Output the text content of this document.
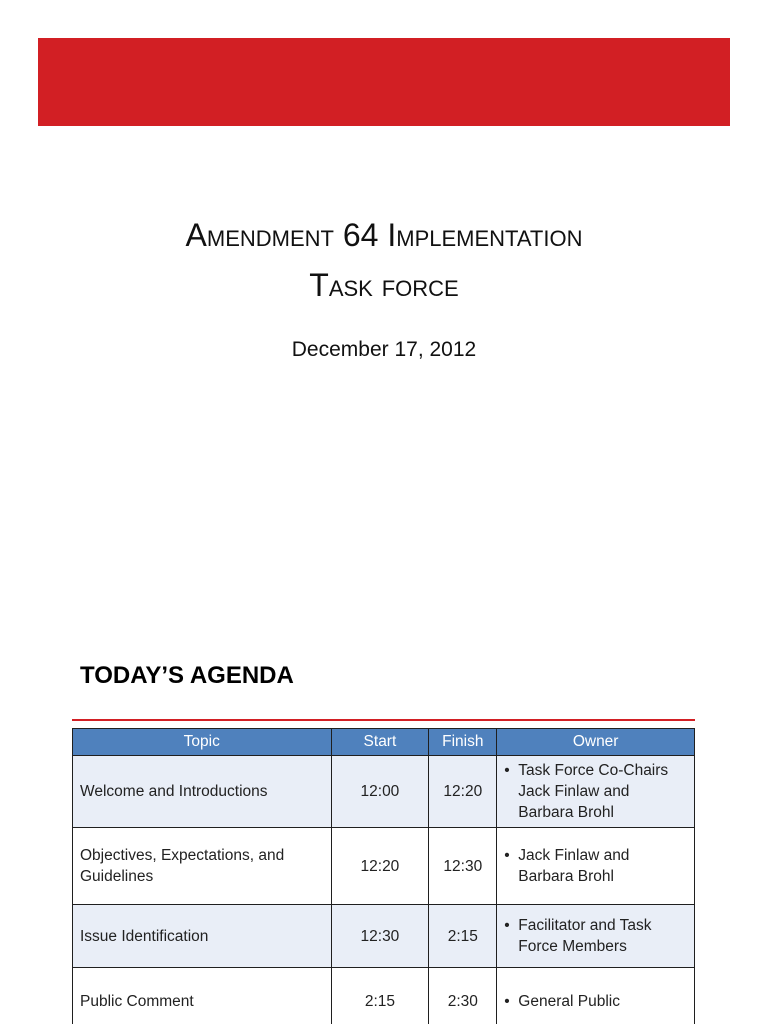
Amendment 64 Implementation
Task force
December 17, 2012
TODAY’S AGENDA
Topic	Start	Finish	Owner
Welcome and Introductions	12:00	12:20	• Task Force Co-Chairs Jack Finlaw and Barbara Brohl

Objectives, Expectations, and Guidelines	12:20	12:30	• Jack Finlaw and Barbara Brohl

Issue Identification	12:30	2:15	• Facilitator and Task Force Members

Public Comment	2:15	2:30	• General Public
